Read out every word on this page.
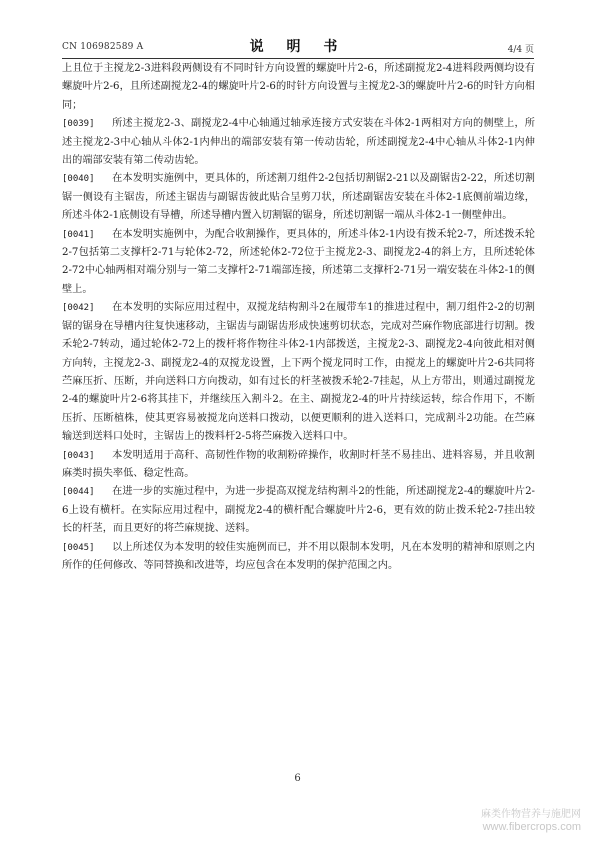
CN 106982589 A	说 明 书	4/4 页

上且位于主搅龙2-3进料段两侧设有不同时针方向设置的螺旋叶片2-6，所述副搅龙2-4进料段两侧均设有螺旋叶片2-6，且所述副搅龙2-4的螺旋叶片2-6的时针方向设置与主搅龙2-3的螺旋叶片2-6的时针方向相同；

[0039] 所述主搅龙2-3、副搅龙2-4中心轴通过轴承连接方式安装在斗体2-1两相对方向的侧壁上，所述主搅龙2-3中心轴从斗体2-1内伸出的端部安装有第一传动齿轮，所述副搅龙2-4中心轴从斗体2-1内伸出的端部安装有第二传动齿轮。

[0040] 在本发明实施例中，更具体的，所述割刀组件2-2包括切割锯2-21以及副锯齿2-22，所述切割锯一侧设有主锯齿，所述主锯齿与副锯齿彼此贴合呈剪刀状，所述副锯齿安装在斗体2-1底侧前端边缘，所述斗体2-1底侧设有导槽，所述导槽内置入切割锯的锯身，所述切割锯一端从斗体2-1一侧壁伸出。

[0041] 在本发明实施例中，为配合收割操作，更具体的，所述斗体2-1内设有拨禾轮2-7，所述拨禾轮2-7包括第二支撑杆2-71与轮体2-72，所述轮体2-72位于主搅龙2-3、副搅龙2-4的斜上方，且所述轮体2-72中心轴两相对端分别与一第二支撑杆2-71端部连接，所述第二支撑杆2-71另一端安装在斗体2-1的侧壁上。

[0042] 在本发明的实际应用过程中，双搅龙结构割斗2在履带车1的推进过程中，割刀组件2-2的切割锯的锯身在导槽内往复快速移动，主锯齿与副锯齿形成快速剪切状态，完成对苎麻作物底部进行切割。拨禾轮2-7转动，通过轮体2-72上的拨杆将作物往斗体2-1内部拨送，主搅龙2-3、副搅龙2-4向彼此相对侧方向转，主搅龙2-3、副搅龙2-4的双搅龙设置，上下两个搅龙同时工作，由搅龙上的螺旋叶片2-6共同将苎麻压折、压断，并向送料口方向拨动，如有过长的杆茎被拨禾轮2-7挂起，从上方带出，则通过副搅龙2-4的螺旋叶片2-6将其挂下，并继续压入割斗2。在主、副搅龙2-4的叶片持续运转，综合作用下，不断压折、压断植株，使其更容易被搅龙向送料口拨动，以便更顺利的进入送料口，完成割斗2功能。在苎麻输送到送料口处时，主锯齿上的拨料杆2-5将苎麻拨入送料口中。

[0043] 本发明适用于高秆、高韧性作物的收割粉碎操作，收割时杆茎不易挂出、进料容易，并且收割麻类时损失率低、稳定性高。

[0044] 在进一步的实施过程中，为进一步提高双搅龙结构割斗2的性能，所述副搅龙2-4的螺旋叶片2-6上设有横杆。在实际应用过程中，副搅龙2-4的横杆配合螺旋叶片2-6，更有效的防止拨禾轮2-7挂出较长的杆茎，而且更好的将苎麻规拢、送料。

[0045] 以上所述仅为本发明的较佳实施例而已，并不用以限制本发明，凡在本发明的精神和原则之内所作的任何修改、等同替换和改进等，均应包含在本发明的保护范围之内。

6
麻类作物营养与施肥网
www.fibercrops.com
